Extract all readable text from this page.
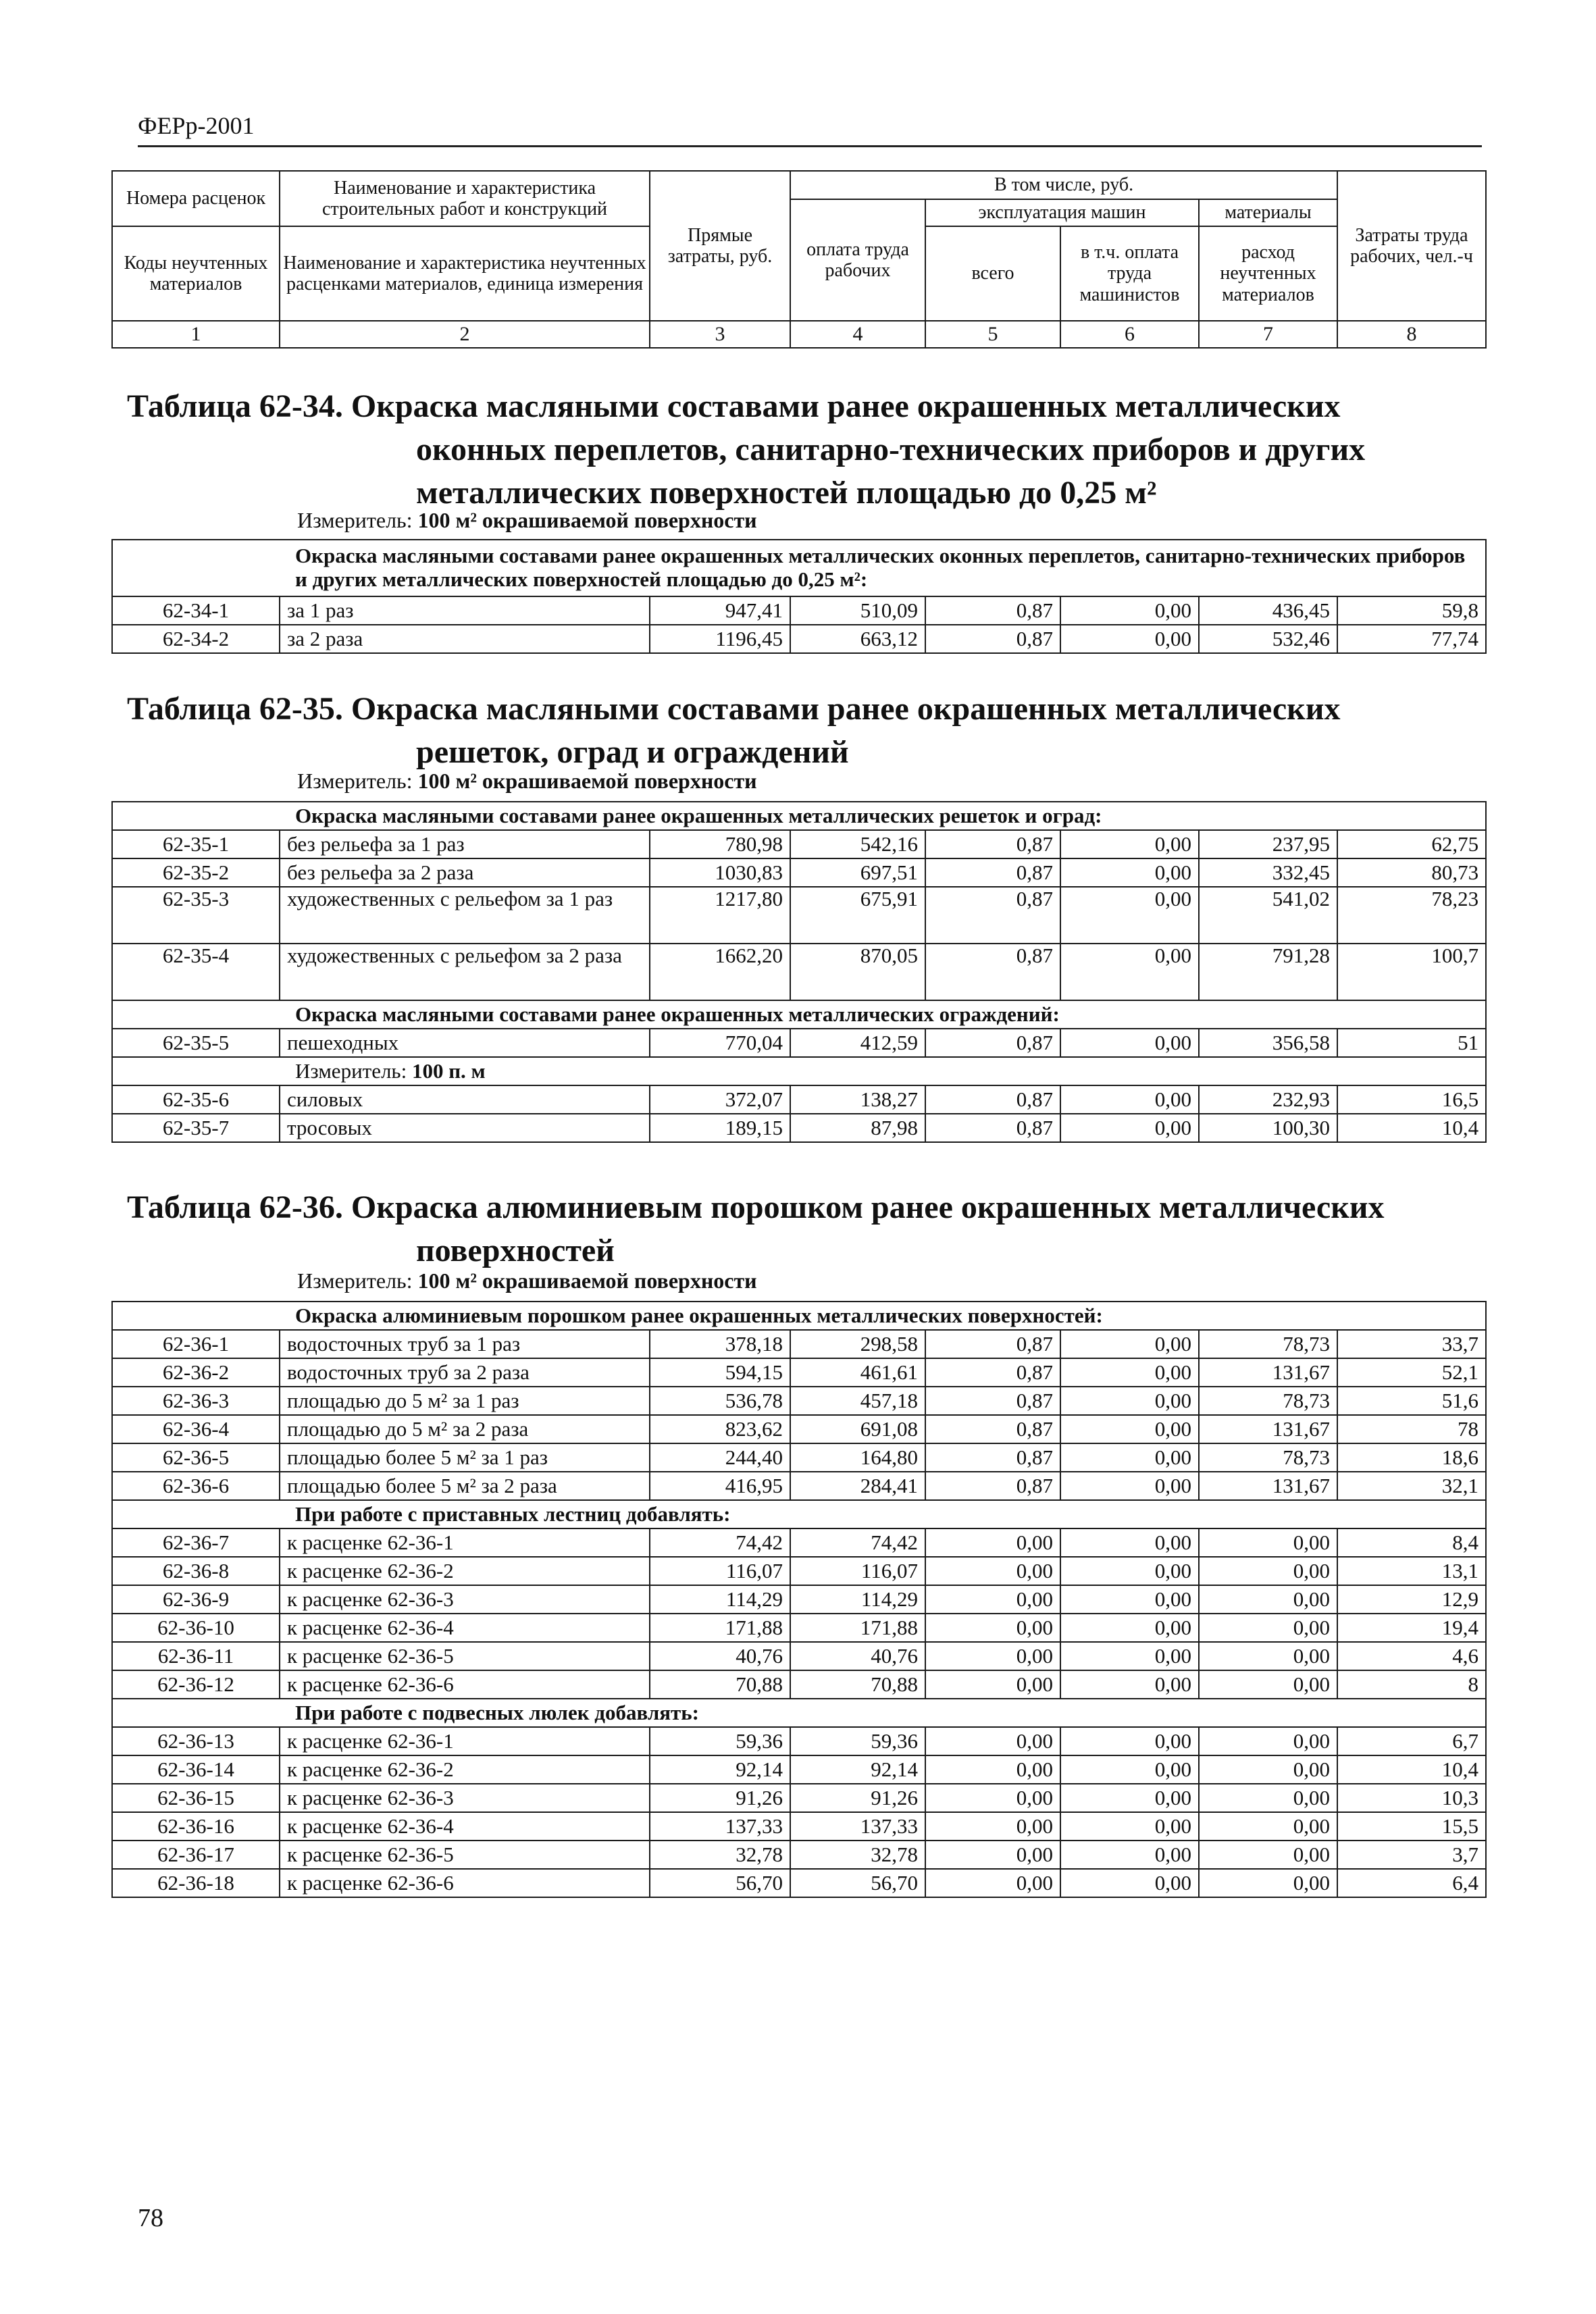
ФЕРр-2001
Номера расценок	Наименование и характеристика строительных работ и конструкций	Прямые затраты, руб.	В том числе, руб.				Затраты труда рабочих, чел.-ч
			оплата труда рабочих	эксплуатация машин		материалы	
Коды неучтенных материалов	Наименование и характеристика неучтенных расценками материалов, единица измерения			всего	в т.ч. оплата труда машинистов	расход неучтенных материалов	

1	2	3	4	5	6	7	8
Таблица 62-34. Окраска масляными составами ранее окрашенных металлических
оконных переплетов, санитарно-технических приборов и других
металлических поверхностей площадью до 0,25 м²
Измеритель: 100 м² окрашиваемой поверхности
Окраска масляными составами ранее окрашенных металлических оконных переплетов, санитарно-технических приборов и других металлических поверхностей площадью до 0,25 м²:							
62-34-1	за 1 раз	947,41	510,09	0,87	0,00	436,45	59,8
62-34-2	за 2 раза	1196,45	663,12	0,87	0,00	532,46	77,74
Таблица 62-35. Окраска масляными составами ранее окрашенных металлических
решеток, оград и ограждений
Измеритель: 100 м² окрашиваемой поверхности
Окраска масляными составами ранее окрашенных металлических решеток и оград:							
62-35-1	без рельефа за 1 раз	780,98	542,16	0,87	0,00	237,95	62,75
62-35-2	без рельефа за 2 раза	1030,83	697,51	0,87	0,00	332,45	80,73
62-35-3	художественных с рельефом за 1 раз	1217,80	675,91	0,87	0,00	541,02	78,23
62-35-4	художественных с рельефом за 2 раза	1662,20	870,05	0,87	0,00	791,28	100,7
Окраска масляными составами ранее окрашенных металлических ограждений:							
62-35-5	пешеходных	770,04	412,59	0,87	0,00	356,58	51
Измеритель: 100 п. м							
62-35-6	силовых	372,07	138,27	0,87	0,00	232,93	16,5
62-35-7	тросовых	189,15	87,98	0,87	0,00	100,30	10,4
Таблица 62-36. Окраска алюминиевым порошком ранее окрашенных металлических
поверхностей
Измеритель: 100 м² окрашиваемой поверхности
Окраска алюминиевым порошком ранее окрашенных металлических поверхностей:							
62-36-1	водосточных труб за 1 раз	378,18	298,58	0,87	0,00	78,73	33,7
62-36-2	водосточных труб за 2 раза	594,15	461,61	0,87	0,00	131,67	52,1
62-36-3	площадью до 5 м² за 1 раз	536,78	457,18	0,87	0,00	78,73	51,6
62-36-4	площадью до 5 м² за 2 раза	823,62	691,08	0,87	0,00	131,67	78
62-36-5	площадью более 5 м² за 1 раз	244,40	164,80	0,87	0,00	78,73	18,6
62-36-6	площадью более 5 м² за 2 раза	416,95	284,41	0,87	0,00	131,67	32,1
При работе с приставных лестниц добавлять:							
62-36-7	к расценке 62-36-1	74,42	74,42	0,00	0,00	0,00	8,4
62-36-8	к расценке 62-36-2	116,07	116,07	0,00	0,00	0,00	13,1
62-36-9	к расценке 62-36-3	114,29	114,29	0,00	0,00	0,00	12,9
62-36-10	к расценке 62-36-4	171,88	171,88	0,00	0,00	0,00	19,4
62-36-11	к расценке 62-36-5	40,76	40,76	0,00	0,00	0,00	4,6
62-36-12	к расценке 62-36-6	70,88	70,88	0,00	0,00	0,00	8
При работе с подвесных люлек добавлять:							
62-36-13	к расценке 62-36-1	59,36	59,36	0,00	0,00	0,00	6,7
62-36-14	к расценке 62-36-2	92,14	92,14	0,00	0,00	0,00	10,4
62-36-15	к расценке 62-36-3	91,26	91,26	0,00	0,00	0,00	10,3
62-36-16	к расценке 62-36-4	137,33	137,33	0,00	0,00	0,00	15,5
62-36-17	к расценке 62-36-5	32,78	32,78	0,00	0,00	0,00	3,7
62-36-18	к расценке 62-36-6	56,70	56,70	0,00	0,00	0,00	6,4
78
